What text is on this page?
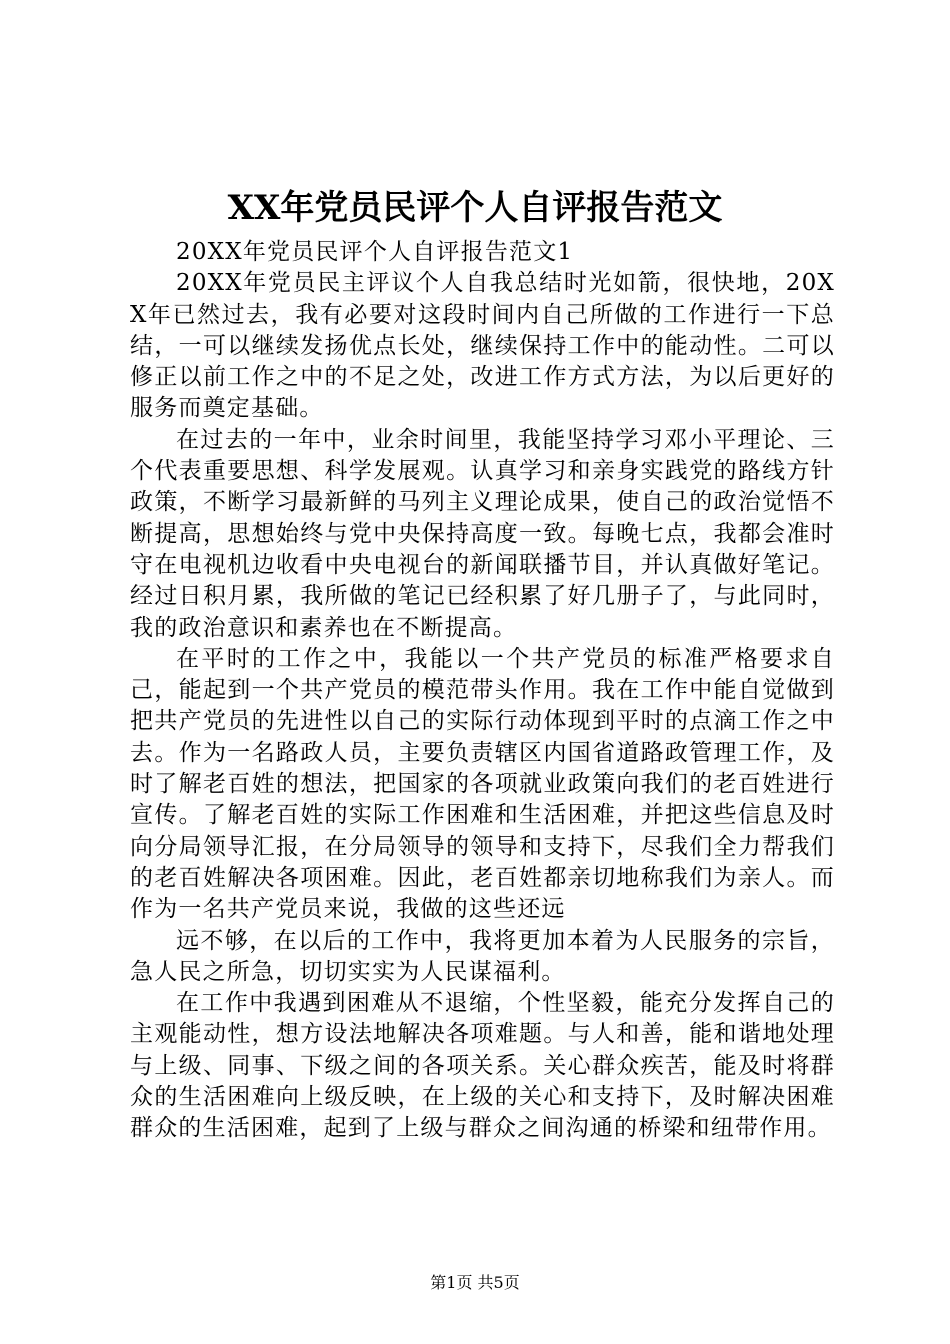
XX年党员民评个人自评报告范文

20XX年党员民评个人自评报告范文1

20XX年党员民主评议个人自我总结时光如箭，很快地，20XX年已然过去，我有必要对这段时间内自己所做的工作进行一下总结，一可以继续发扬优点长处，继续保持工作中的能动性。二可以修正以前工作之中的不足之处，改进工作方式方法，为以后更好的服务而奠定基础。

在过去的一年中，业余时间里，我能坚持学习邓小平理论、三个代表重要思想、科学发展观。认真学习和亲身实践党的路线方针政策，不断学习最新鲜的马列主义理论成果，使自己的政治觉悟不断提高，思想始终与党中央保持高度一致。每晚七点，我都会准时守在电视机边收看中央电视台的新闻联播节目，并认真做好笔记。经过日积月累，我所做的笔记已经积累了好几册子了，与此同时，我的政治意识和素养也在不断提高。

在平时的工作之中，我能以一个共产党员的标准严格要求自己，能起到一个共产党员的模范带头作用。我在工作中能自觉做到把共产党员的先进性以自己的实际行动体现到平时的点滴工作之中去。作为一名路政人员，主要负责辖区内国省道路政管理工作，及时了解老百姓的想法，把国家的各项就业政策向我们的老百姓进行宣传。了解老百姓的实际工作困难和生活困难，并把这些信息及时向分局领导汇报，在分局领导的领导和支持下，尽我们全力帮我们的老百姓解决各项困难。因此，老百姓都亲切地称我们为亲人。而作为一名共产党员来说，我做的这些还远

远不够，在以后的工作中，我将更加本着为人民服务的宗旨，急人民之所急，切切实实为人民谋福利。

在工作中我遇到困难从不退缩，个性坚毅，能充分发挥自己的主观能动性，想方设法地解决各项难题。与人和善，能和谐地处理与上级、同事、下级之间的各项关系。关心群众疾苦，能及时将群众的生活困难向上级反映，在上级的关心和支持下，及时解决困难群众的生活困难，起到了上级与群众之间沟通的桥梁和纽带作用。

第1页 共5页
